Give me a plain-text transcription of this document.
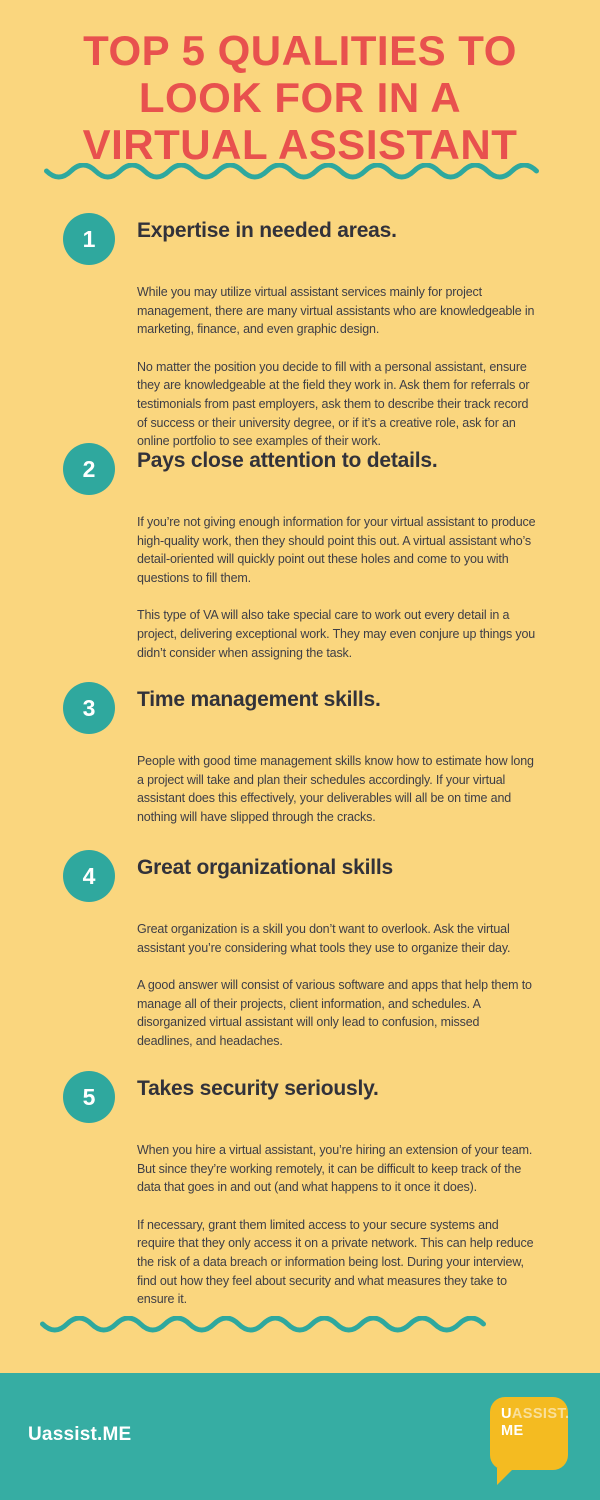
TOP 5 QUALITIES TO
LOOK FOR IN A
VIRTUAL ASSISTANT
1	Expertise in needed areas.

While you may utilize virtual assistant services mainly for project management, there are many virtual assistants who are knowledgeable in marketing, finance, and even graphic design.

No matter the position you decide to fill with a personal assistant, ensure they are knowledgeable at the field they work in. Ask them for referrals or testimonials from past employers, ask them to describe their track record of success or their university degree, or if it’s a creative role, ask for an online portfolio to see examples of their work.

2	Pays close attention to details.

If you’re not giving enough information for your virtual assistant to produce high-quality work, then they should point this out. A virtual assistant who’s detail-oriented will quickly point out these holes and come to you with questions to fill them.

This type of VA will also take special care to work out every detail in a project, delivering exceptional work. They may even conjure up things you didn’t consider when assigning the task.

3	Time management skills.

People with good time management skills know how to estimate how long a project will take and plan their schedules accordingly. If your virtual assistant does this effectively, your deliverables will all be on time and nothing will have slipped through the cracks.

4	Great organizational skills

Great organization is a skill you don’t want to overlook. Ask the virtual assistant you’re considering what tools they use to organize their day.

A good answer will consist of various software and apps that help them to manage all of their projects, client information, and schedules. A disorganized virtual assistant will only lead to confusion, missed deadlines, and headaches.

5	Takes security seriously.

When you hire a virtual assistant, you’re hiring an extension of your team. But since they’re working remotely, it can be difficult to keep track of the data that goes in and out (and what happens to it once it does).

If necessary, grant them limited access to your secure systems and require that they only access it on a private network. This can help reduce the risk of a data breach or information being lost. During your interview, find out how they feel about security and what measures they take to ensure it.

Uassist.ME
UASSIST.
ME
